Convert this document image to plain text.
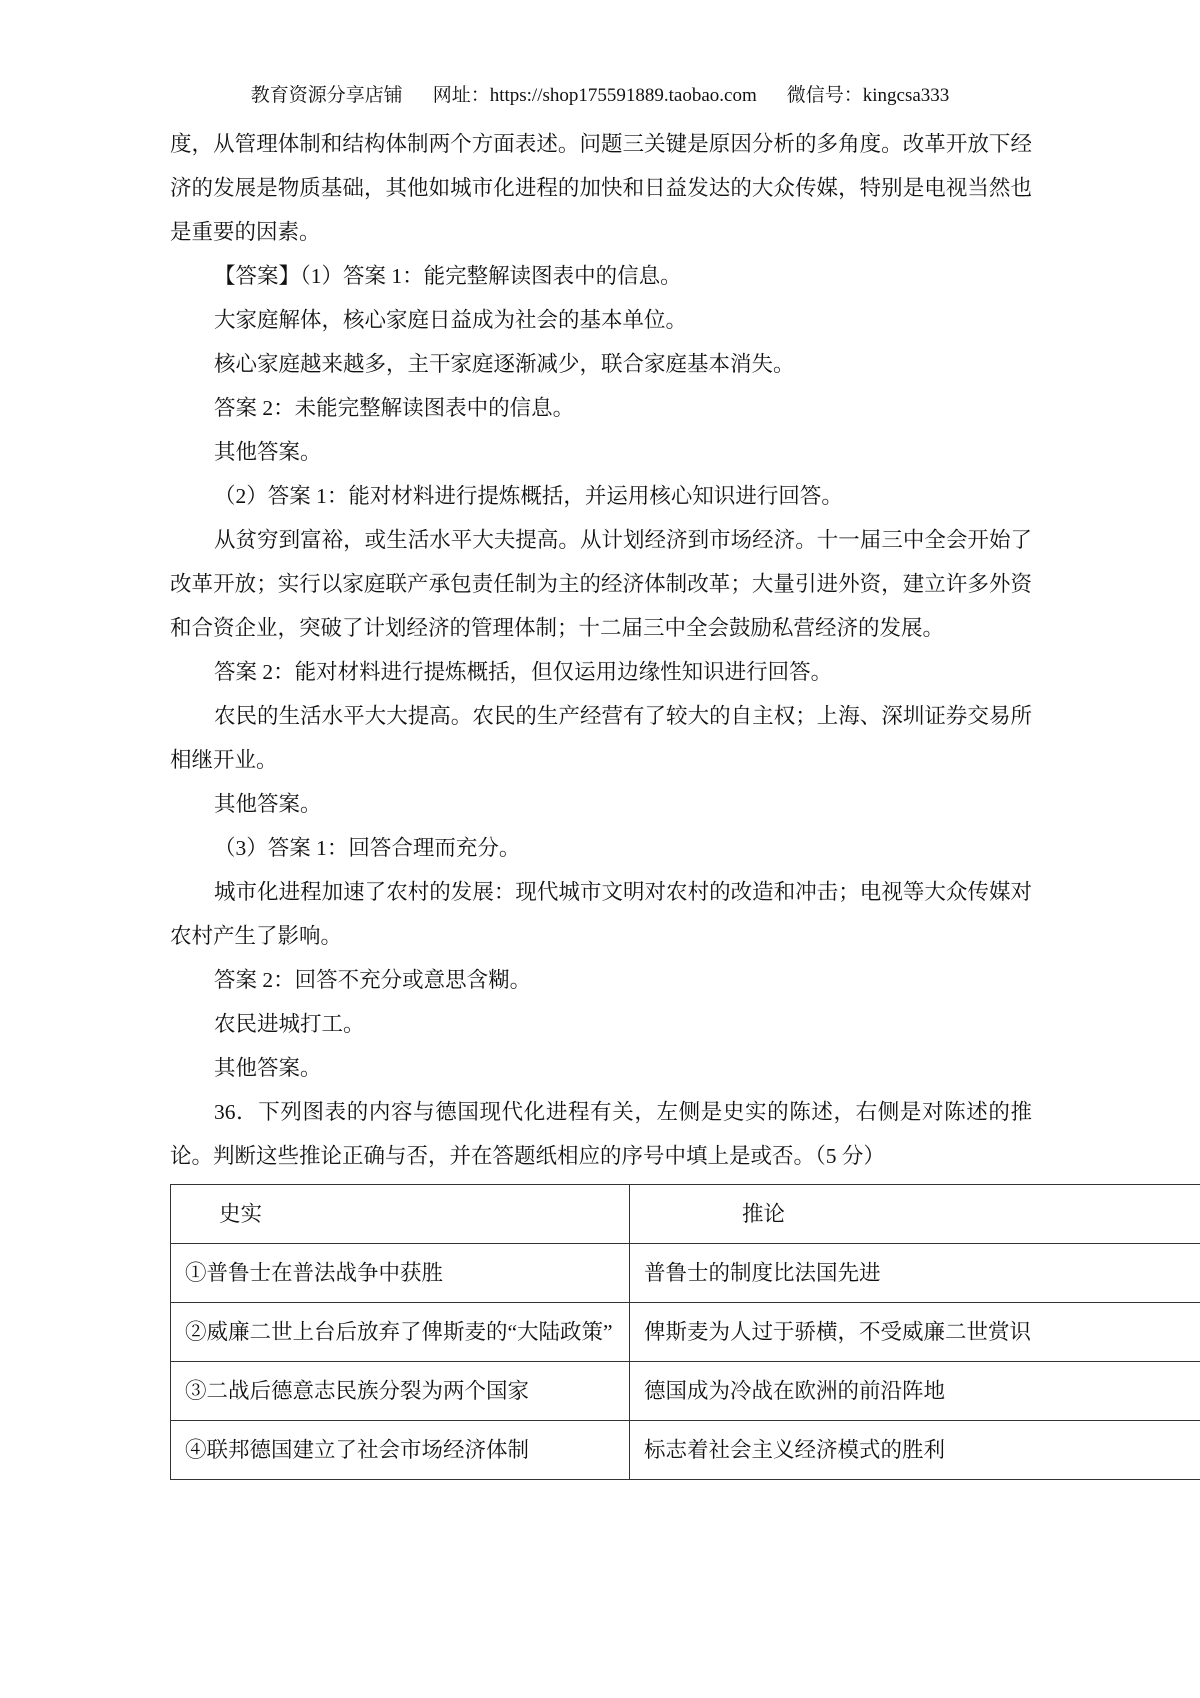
教育资源分享店铺 网址：https://shop175591889.taobao.com 微信号：kingcsa333

度，从管理体制和结构体制两个方面表述。问题三关键是原因分析的多角度。改革开放下经济的发展是物质基础，其他如城市化进程的加快和日益发达的大众传媒，特别是电视当然也是重要的因素。

【答案】（1）答案 1：能完整解读图表中的信息。

大家庭解体，核心家庭日益成为社会的基本单位。

核心家庭越来越多，主干家庭逐渐减少，联合家庭基本消失。

答案 2：未能完整解读图表中的信息。

其他答案。

（2）答案 1：能对材料进行提炼概括，并运用核心知识进行回答。

从贫穷到富裕，或生活水平大夫提高。从计划经济到市场经济。十一届三中全会开始了改革开放；实行以家庭联产承包责任制为主的经济体制改革；大量引进外资，建立许多外资和合资企业，突破了计划经济的管理体制；十二届三中全会鼓励私营经济的发展。

答案 2：能对材料进行提炼概括，但仅运用边缘性知识进行回答。

农民的生活水平大大提高。农民的生产经营有了较大的自主权；上海、深圳证券交易所相继开业。

其他答案。

（3）答案 1：回答合理而充分。

城市化进程加速了农村的发展：现代城市文明对农村的改造和冲击；电视等大众传媒对农村产生了影响。

答案 2：回答不充分或意思含糊。

农民进城打工。

其他答案。

36．下列图表的内容与德国现代化进程有关，左侧是史实的陈述，右侧是对陈述的推论。判断这些推论正确与否，并在答题纸相应的序号中填上是或否。（5 分）

史实	推论
①普鲁士在普法战争中获胜	普鲁士的制度比法国先进
②威廉二世上台后放弃了俾斯麦的“大陆政策”	俾斯麦为人过于骄横，不受威廉二世赏识
③二战后德意志民族分裂为两个国家	德国成为冷战在欧洲的前沿阵地
④联邦德国建立了社会市场经济体制	标志着社会主义经济模式的胜利
